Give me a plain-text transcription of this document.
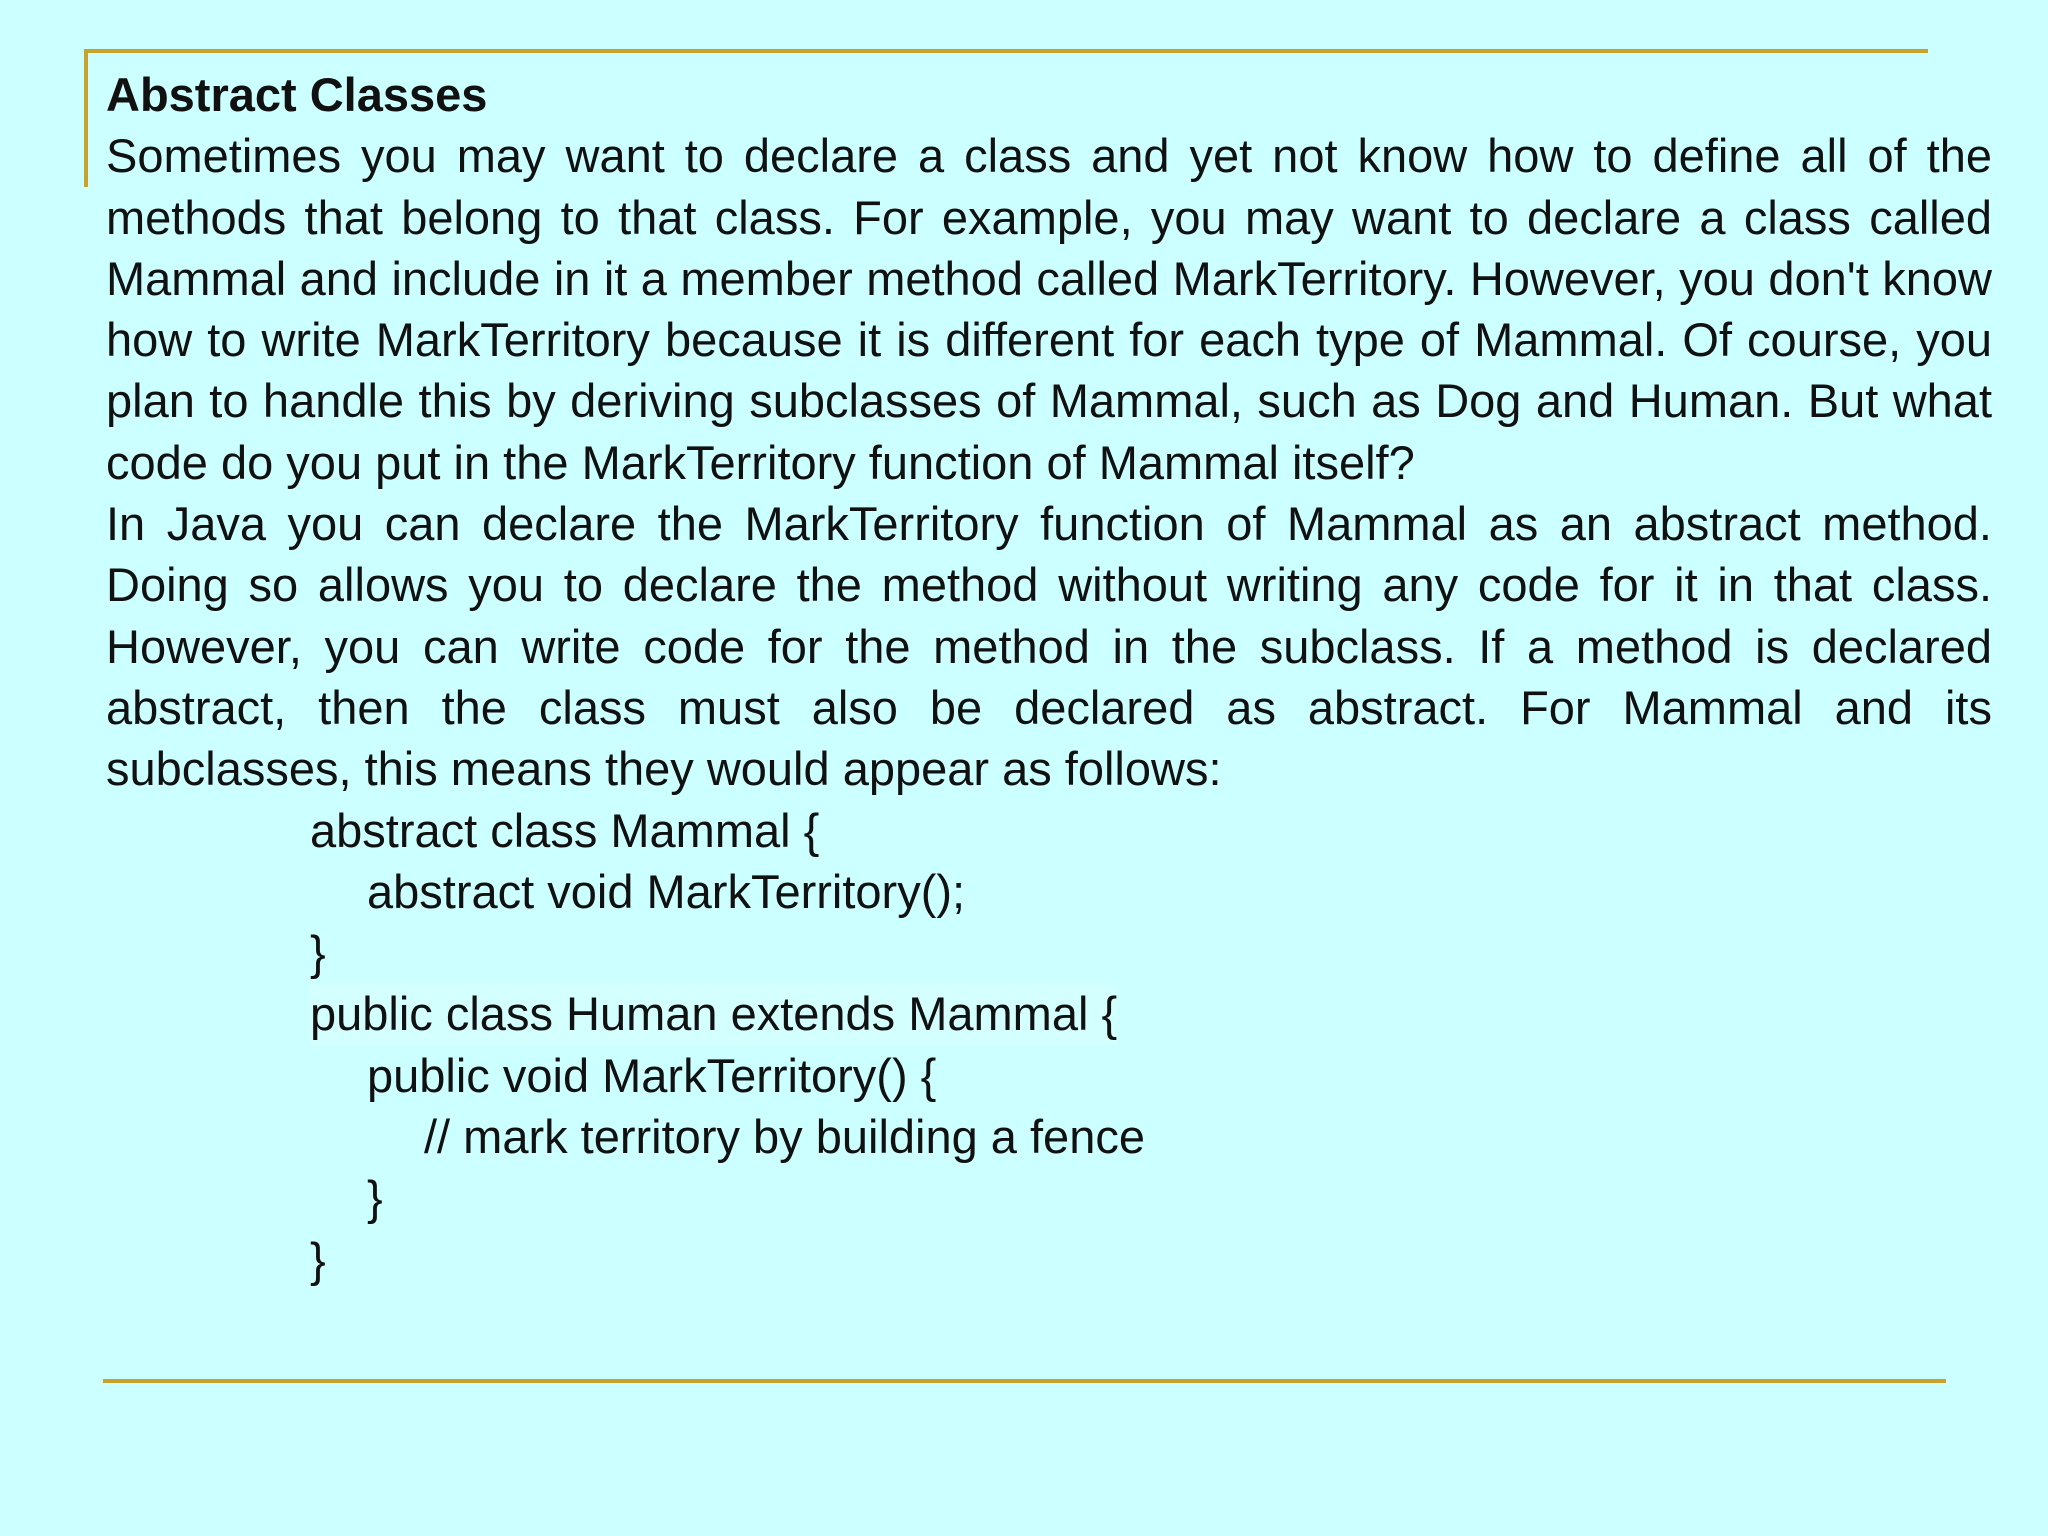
Abstract Classes

Sometimes you may want to declare a class and yet not know how to define all of the methods that belong to that class. For example, you may want to declare a class called Mammal and include in it a member method called MarkTerritory. However, you don't know how to write MarkTerritory because it is different for each type of Mammal. Of course, you plan to handle this by deriving subclasses of Mammal, such as Dog and Human. But what code do you put in the MarkTerritory function of Mammal itself?

In Java you can declare the MarkTerritory function of Mammal as an abstract method. Doing so allows you to declare the method without writing any code for it in that class. However, you can write code for the method in the subclass. If a method is declared abstract, then the class must also be declared as abstract. For Mammal and its subclasses, this means they would appear as follows:

abstract class Mammal {
abstract void MarkTerritory();
}
public class Human extends Mammal {
public void MarkTerritory() {
// mark territory by building a fence
}
}
